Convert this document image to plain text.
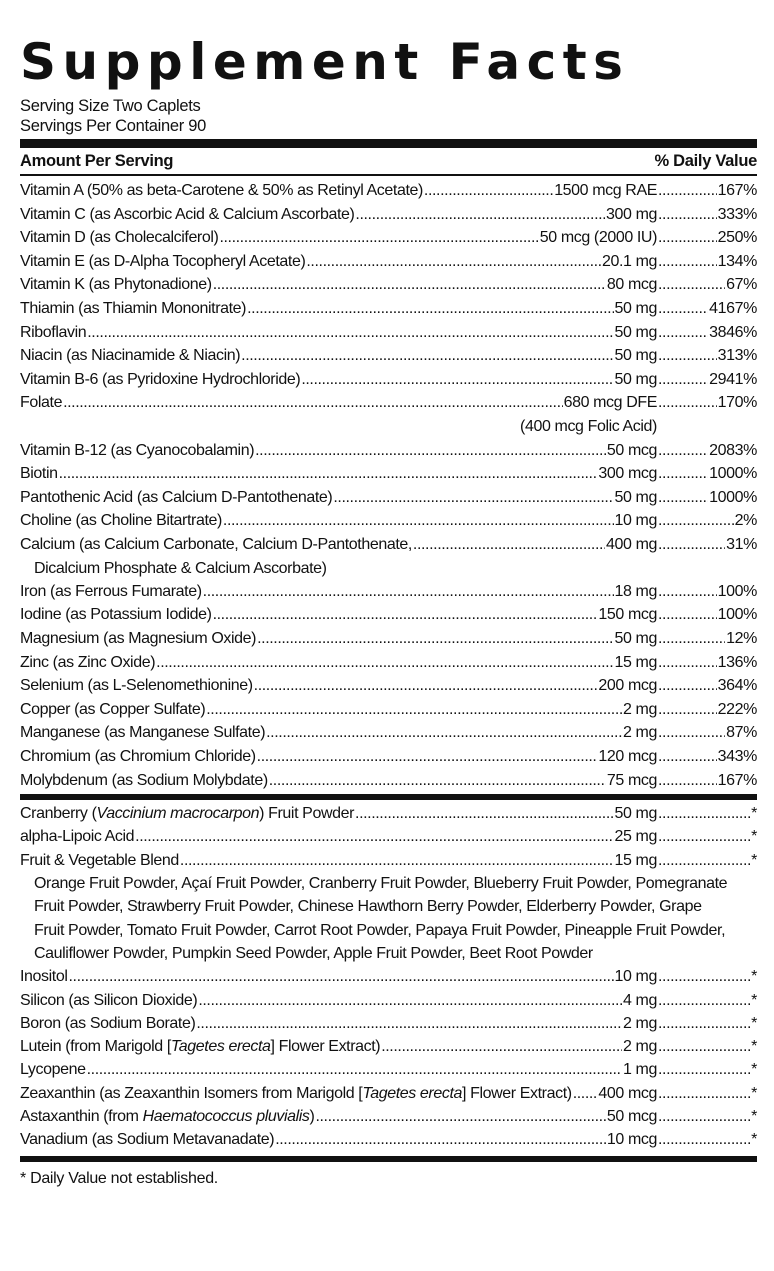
Supplement Facts
Serving Size Two Caplets
Servings Per Container 90
Amount Per Serving	% Daily Value
Vitamin A (50% as beta-Carotene & 50% as Retinyl Acetate) .....	1500 mcg RAE .....	167%
Vitamin C (as Ascorbic Acid & Calcium Ascorbate) .....	300 mg .....	333%
Vitamin D (as Cholecalciferol) .....	50 mcg (2000 IU) .....	250%
Vitamin E (as D-Alpha Tocopheryl Acetate) .....	20.1 mg .....	134%
Vitamin K (as Phytonadione) .....	80 mcg .....	67%
Thiamin (as Thiamin Mononitrate) .....	50 mg .....	4167%
Riboflavin .....	50 mg .....	3846%
Niacin (as Niacinamide & Niacin) .....	50 mg .....	313%
Vitamin B-6 (as Pyridoxine Hydrochloride) .....	50 mg .....	2941%
Folate .....	680 mcg DFE .....	170%
(400 mcg Folic Acid)
Vitamin B-12 (as Cyanocobalamin) .....	50 mcg .....	2083%
Biotin .....	300 mcg .....	1000%
Pantothenic Acid (as Calcium D-Pantothenate) .....	50 mg .....	1000%
Choline (as Choline Bitartrate) .....	10 mg .....	2%
Calcium (as Calcium Carbonate, Calcium D-Pantothenate, .....	400 mg .....	31%
Dicalcium Phosphate & Calcium Ascorbate)
Iron (as Ferrous Fumarate) .....	18 mg .....	100%
Iodine (as Potassium Iodide) .....	150 mcg .....	100%
Magnesium (as Magnesium Oxide) .....	50 mg .....	12%
Zinc (as Zinc Oxide) .....	15 mg .....	136%
Selenium (as L-Selenomethionine) .....	200 mcg .....	364%
Copper (as Copper Sulfate) .....	2 mg .....	222%
Manganese (as Manganese Sulfate) .....	2 mg .....	87%
Chromium (as Chromium Chloride) .....	120 mcg .....	343%
Molybdenum (as Sodium Molybdate) .....	75 mcg .....	167%
Cranberry (Vaccinium macrocarpon) Fruit Powder .....	50 mg .....	*
alpha-Lipoic Acid .....	25 mg .....	*
Fruit & Vegetable Blend .....	15 mg .....	*
Orange Fruit Powder, Açaí Fruit Powder, Cranberry Fruit Powder, Blueberry Fruit Powder, Pomegranate
Fruit Powder, Strawberry Fruit Powder, Chinese Hawthorn Berry Powder, Elderberry Powder, Grape
Fruit Powder, Tomato Fruit Powder, Carrot Root Powder, Papaya Fruit Powder, Pineapple Fruit Powder,
Cauliflower Powder, Pumpkin Seed Powder, Apple Fruit Powder, Beet Root Powder
Inositol .....	10 mg .....	*
Silicon (as Silicon Dioxide) .....	4 mg .....	*
Boron (as Sodium Borate) .....	2 mg .....	*
Lutein (from Marigold [Tagetes erecta] Flower Extract) .....	2 mg .....	*
Lycopene .....	1 mg .....	*
Zeaxanthin (as Zeaxanthin Isomers from Marigold [Tagetes erecta] Flower Extract) ..... 400 mcg .....	*
Astaxanthin (from Haematococcus pluvialis) .....	50 mcg .....	*
Vanadium (as Sodium Metavanadate) .....	10 mcg .....	*
* Daily Value not established.
